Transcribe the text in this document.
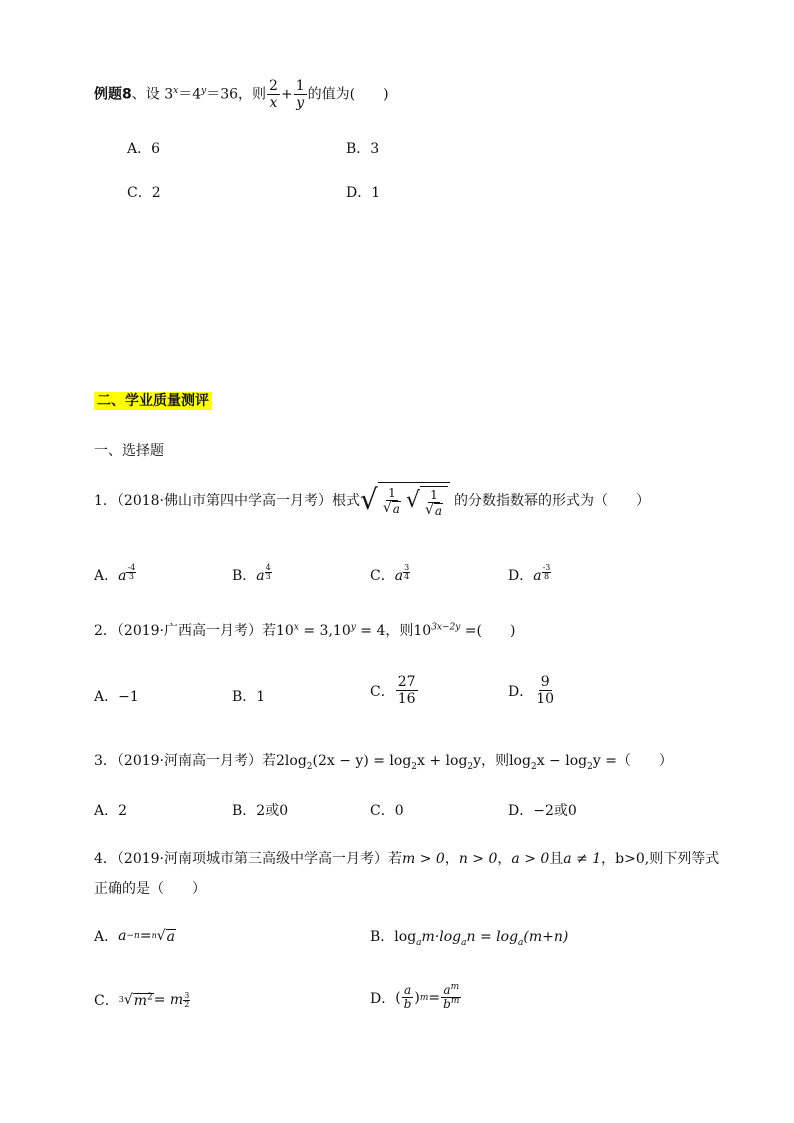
例题8、设 $3^x=4^y=36$，则 $\frac{2}{x} + \frac{1}{y}$ 的值为(　　)
A．6	B．3
C．2	D．1
二、学业质量测评
一、选择题
1．（2018·佛山市第四中学高一月考）根式 √ $\frac{1}{√ a}$ √ $\frac{1}{√ a}$ 的分数指数幂的形式为（　　）
A．a $\frac{-4}{3}$	B．a $\frac{4}{3}$	C．a $\frac{3}{4}$	D．a $\frac{-3}{8}$
2．（2019·广西高一月考）若$10^x = 3,10^y = 4$，则$10^{3x-2y}$ =(　　)
A．−1	B．1	C． $\frac{27}{16}$	D． $\frac{9}{10}$
3．（2019·河南高一月考）若$2\log_2(2x - y) = \log_2x + \log_2y$，则$\log_2x - \log_2y$ =（　　）
A．2	B．2或0	C．0	D．−2或0
4．（2019·河南项城市第三高级中学高一月考）若m > 0，n > 0，a > 0且a ≠ 1，b>0,则下列等式
正确的是（　　）
A． a −n = n √ a	B．$\log_am\cdot\log_an = \log_a(m+n)$
C． 3 √ $m^2 = m \frac{3}{2}$	D． ( $\frac{a}{b}$ ) $m = \frac{a^m}{b^m}$
